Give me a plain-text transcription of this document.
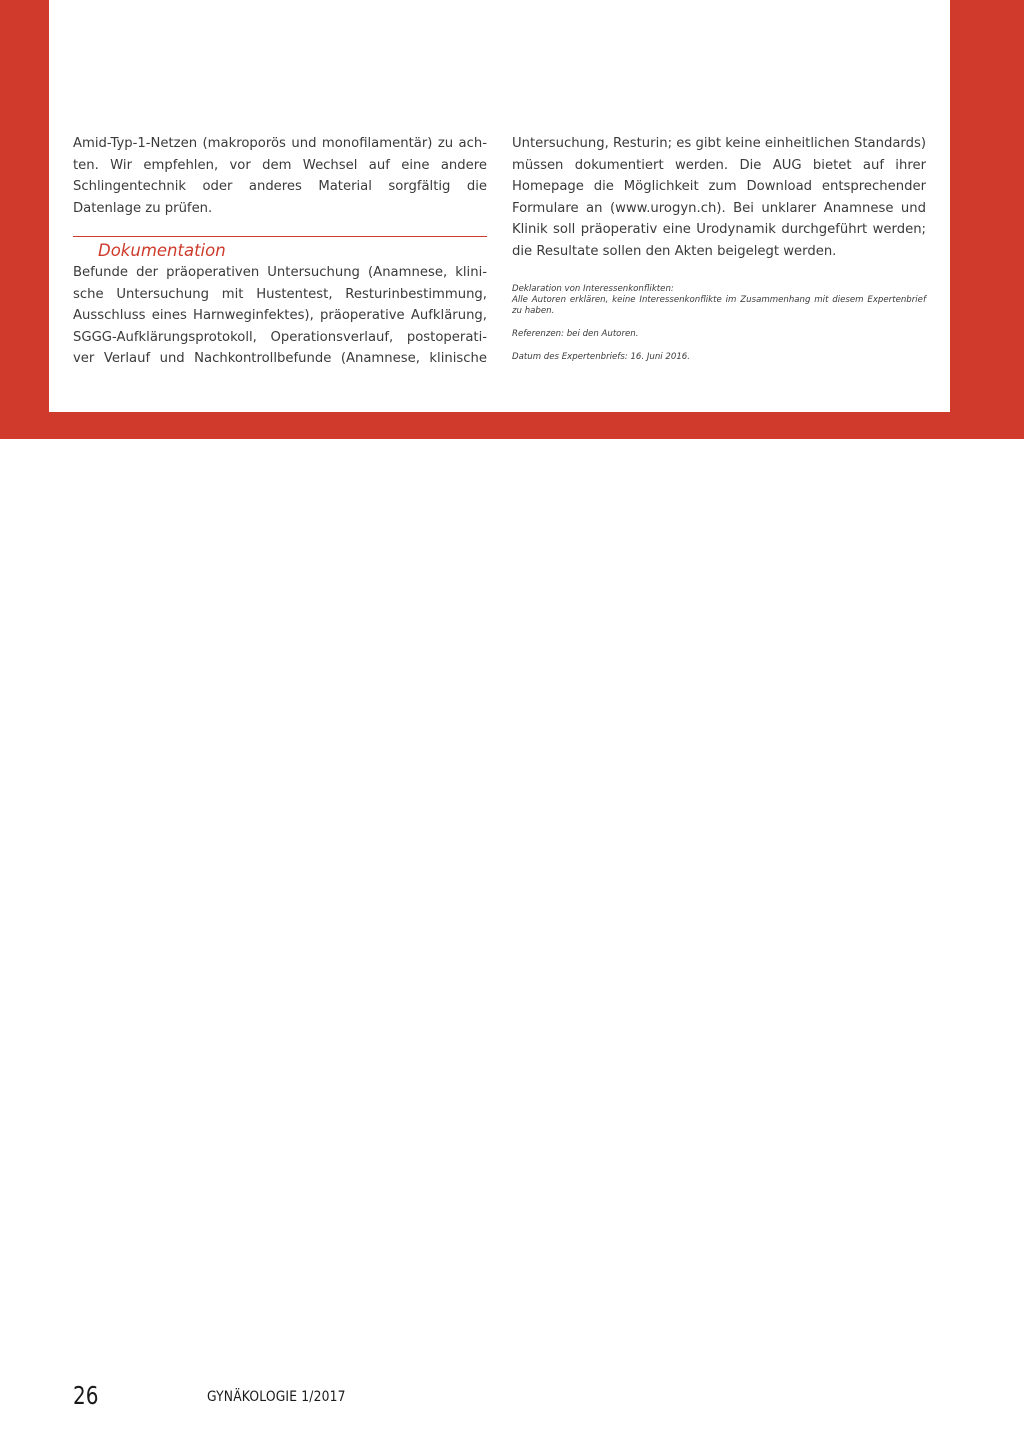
Amid-Typ-1-Netzen (makroporös und monofilamentär) zu ach-
ten. Wir empfehlen, vor dem Wechsel auf eine andere
Schlingentechnik oder anderes Material sorgfältig die
Datenlage zu prüfen.
Dokumentation
Befunde der präoperativen Untersuchung (Anamnese, klini-
sche Untersuchung mit Hustentest, Resturinbestimmung,
Ausschluss eines Harnweginfektes), präoperative Aufklärung,
SGGG-Aufklärungsprotokoll, Operationsverlauf, postoperati-
ver Verlauf und Nachkontrollbefunde (Anamnese, klinische
Untersuchung, Resturin; es gibt keine einheitlichen Standards)
müssen dokumentiert werden. Die AUG bietet auf ihrer
Homepage die Möglichkeit zum Download entsprechender
Formulare an (www.urogyn.ch). Bei unklarer Anamnese und
Klinik soll präoperativ eine Urodynamik durchgeführt werden;
die Resultate sollen den Akten beigelegt werden.

Deklaration von Interessenkonflikten:

Alle Autoren erklären, keine Interessenkonflikte im Zusammenhang mit diesem Expertenbrief zu haben.

Referenzen: bei den Autoren.

Datum des Expertenbriefs: 16. Juni 2016.

26	GYNÄKOLOGIE 1/2017
